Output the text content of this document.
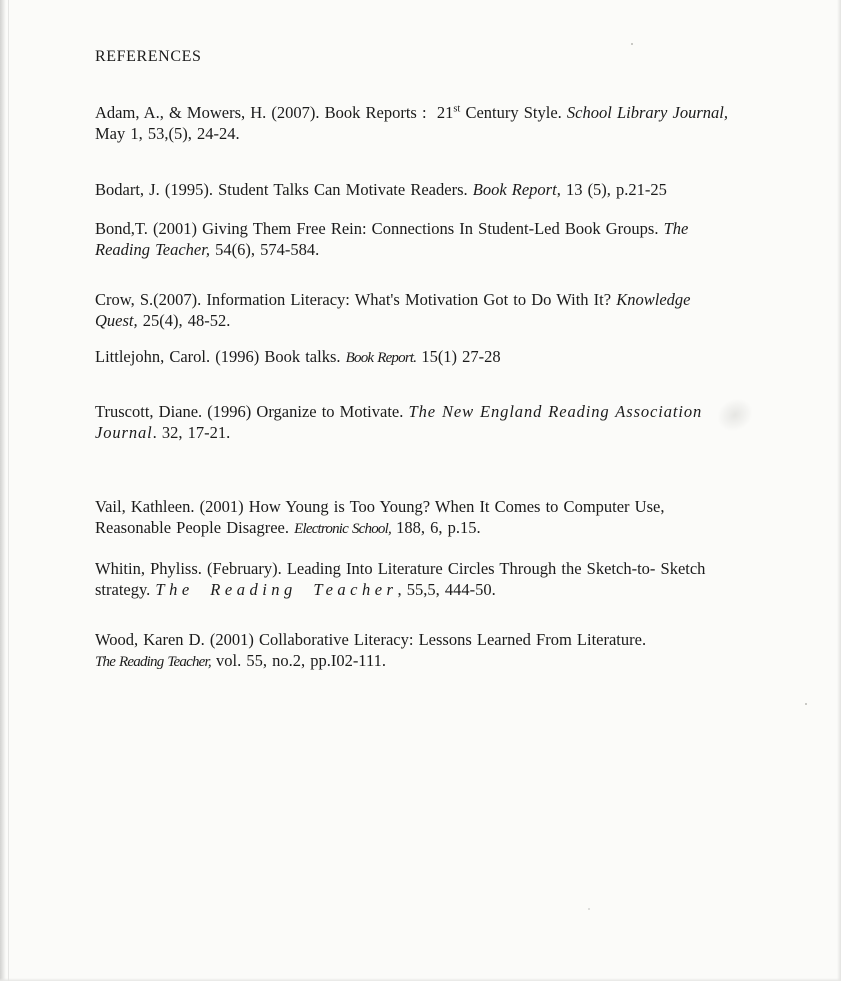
REFERENCES

Adam, A., & Mowers, H. (2007). Book Reports :  21st Century Style. School Library Journal,
May 1, 53,(5), 24-24.

Bodart, J. (1995). Student Talks Can Motivate Readers. Book Report, 13 (5), p.21-25

Bond,T. (2001) Giving Them Free Rein: Connections In Student-Led Book Groups. The
Reading Teacher, 54(6), 574-584.

Crow, S.(2007). Information Literacy: What's Motivation Got to Do With It? Knowledge
Quest, 25(4), 48-52.

Littlejohn, Carol. (1996) Book talks. Book Report. 15(1) 27-28

Truscott, Diane. (1996) Organize to Motivate. The New England Reading Association
Journal. 32, 17-21.

Vail, Kathleen. (2001) How Young is Too Young? When It Comes to Computer Use,
Reasonable People Disagree. Electronic School, 188, 6, p.15.

Whitin, Phyliss. (February). Leading Into Literature Circles Through the Sketch-to- Sketch
strategy. The Reading Teacher, 55,5, 444-50.

Wood, Karen D. (2001) Collaborative Literacy: Lessons Learned From Literature.
The Reading Teacher, vol. 55, no.2, pp.I02-111.
